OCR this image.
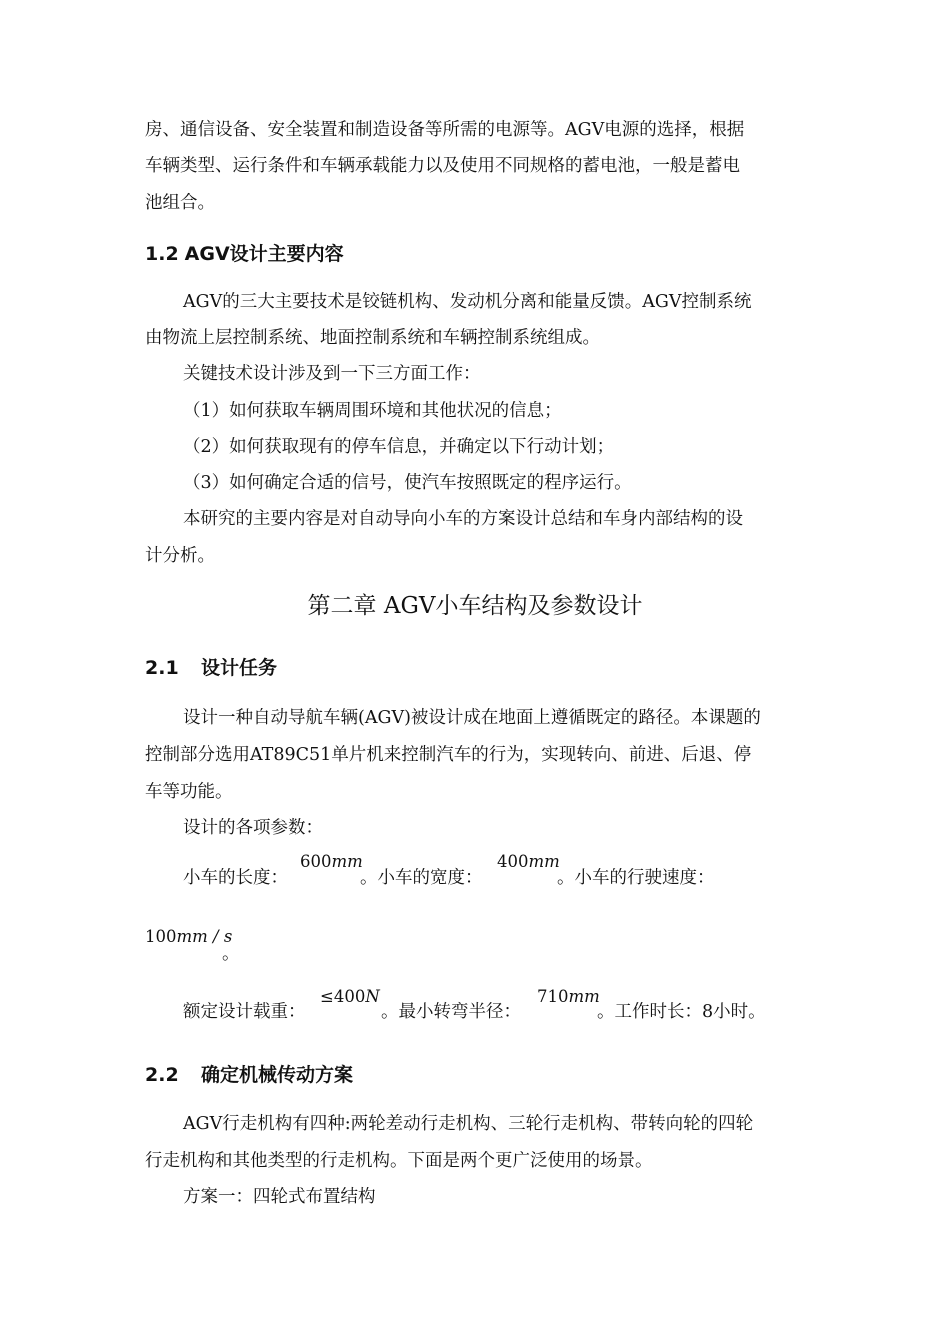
房、通信设备、安全装置和制造设备等所需的电源等。AGV电源的选择，根据
车辆类型、运行条件和车辆承载能力以及使用不同规格的蓄电池，一般是蓄电
池组合。
1.2 AGV设计主要内容
AGV的三大主要技术是铰链机构、发动机分离和能量反馈。AGV控制系统
由物流上层控制系统、地面控制系统和车辆控制系统组成。
关键技术设计涉及到一下三方面工作：
（1）如何获取车辆周围环境和其他状况的信息；
（2）如何获取现有的停车信息，并确定以下行动计划；
（3）如何确定合适的信号，使汽车按照既定的程序运行。
本研究的主要内容是对自动导向小车的方案设计总结和车身内部结构的设
计分析。
第二章 AGV小车结构及参数设计
2.1 设计任务
设计一种自动导航车辆(AGV)被设计成在地面上遵循既定的路径。本课题的
控制部分选用AT89C51单片机来控制汽车的行为，实现转向、前进、后退、停
车等功能。
设计的各项参数：
小车的长度：
600mm
。小车的宽度：
400mm
。小车的行驶速度：
100mm / s
。
额定设计载重：
≤400N
。最小转弯半径：
710mm
。工作时长：8小时。
2.2 确定机械传动方案
AGV行走机构有四种:两轮差动行走机构、三轮行走机构、带转向轮的四轮
行走机构和其他类型的行走机构。下面是两个更广泛使用的场景。
方案一：四轮式布置结构
